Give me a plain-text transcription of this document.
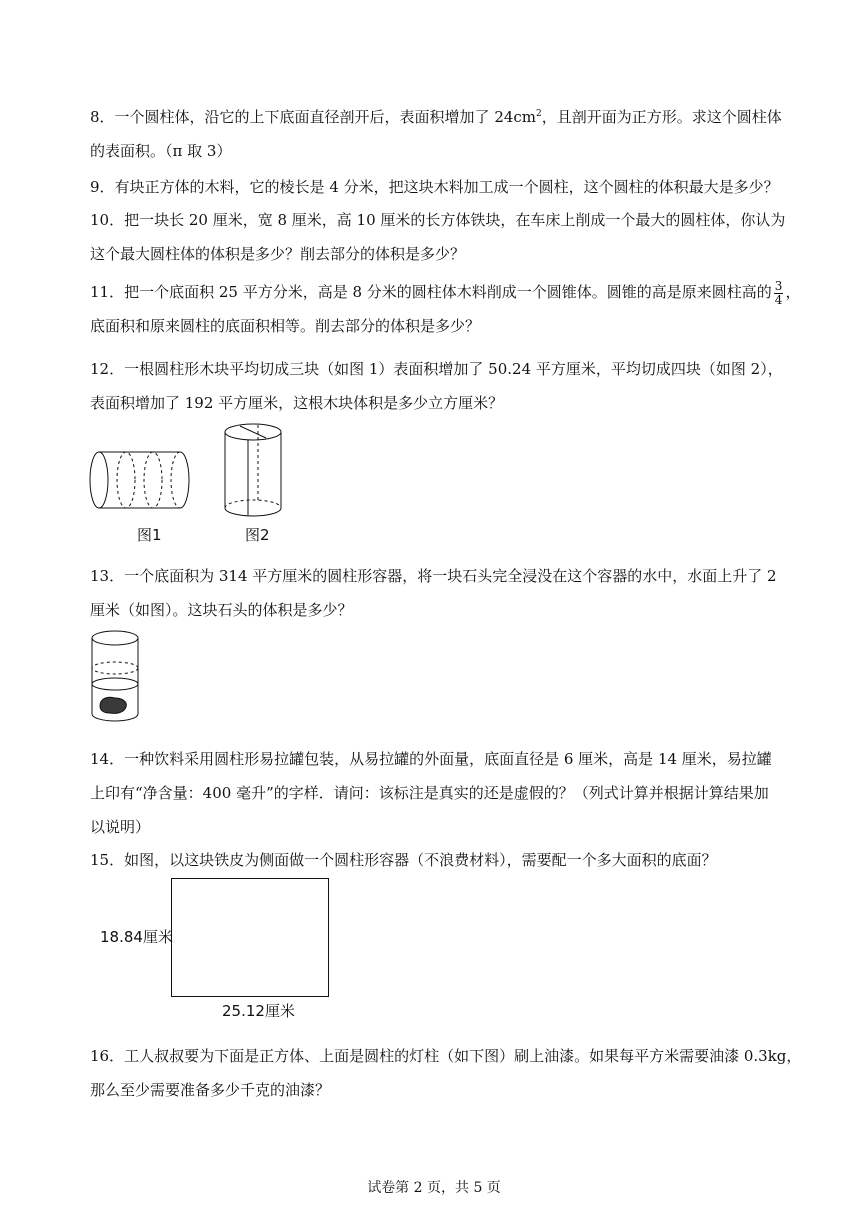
8．一个圆柱体，沿它的上下底面直径剖开后，表面积增加了 $24cm^2$，且剖开面为正方形。求这个圆柱体
的表面积。（π 取 3）
9．有块正方体的木料，它的棱长是 4 分米，把这块木料加工成一个圆柱，这个圆柱的体积最大是多少？
10．把一块长 20 厘米，宽 8 厘米，高 10 厘米的长方体铁块，在车床上削成一个最大的圆柱体，你认为
这个最大圆柱体的体积是多少？削去部分的体积是多少？
11．把一个底面积 25 平方分米，高是 8 分米的圆柱体木料削成一个圆锥体。圆锥的高是原来圆柱高的 $\frac{3}{4}$ ，
底面积和原来圆柱的底面积相等。削去部分的体积是多少？
12．一根圆柱形木块平均切成三块（如图 1）表面积增加了 50.24 平方厘米，平均切成四块（如图 2），
表面积增加了 192 平方厘米，这根木块体积是多少立方厘米？
图1	图2
13．一个底面积为 314 平方厘米的圆柱形容器，将一块石头完全浸没在这个容器的水中，水面上升了 2
厘米（如图）。这块石头的体积是多少？
14．一种饮料采用圆柱形易拉罐包装，从易拉罐的外面量，底面直径是 6 厘米，高是 14 厘米，易拉罐
上印有“净含量：400 毫升”的字样．请问：该标注是真实的还是虚假的？（列式计算并根据计算结果加
以说明）
15．如图，以这块铁皮为侧面做一个圆柱形容器（不浪费材料），需要配一个多大面积的底面？
18.84厘米
25.12厘米
16．工人叔叔要为下面是正方体、上面是圆柱的灯柱（如下图）刷上油漆。如果每平方米需要油漆 0.3kg，
那么至少需要准备多少千克的油漆？
试卷第 2 页，共 5 页
